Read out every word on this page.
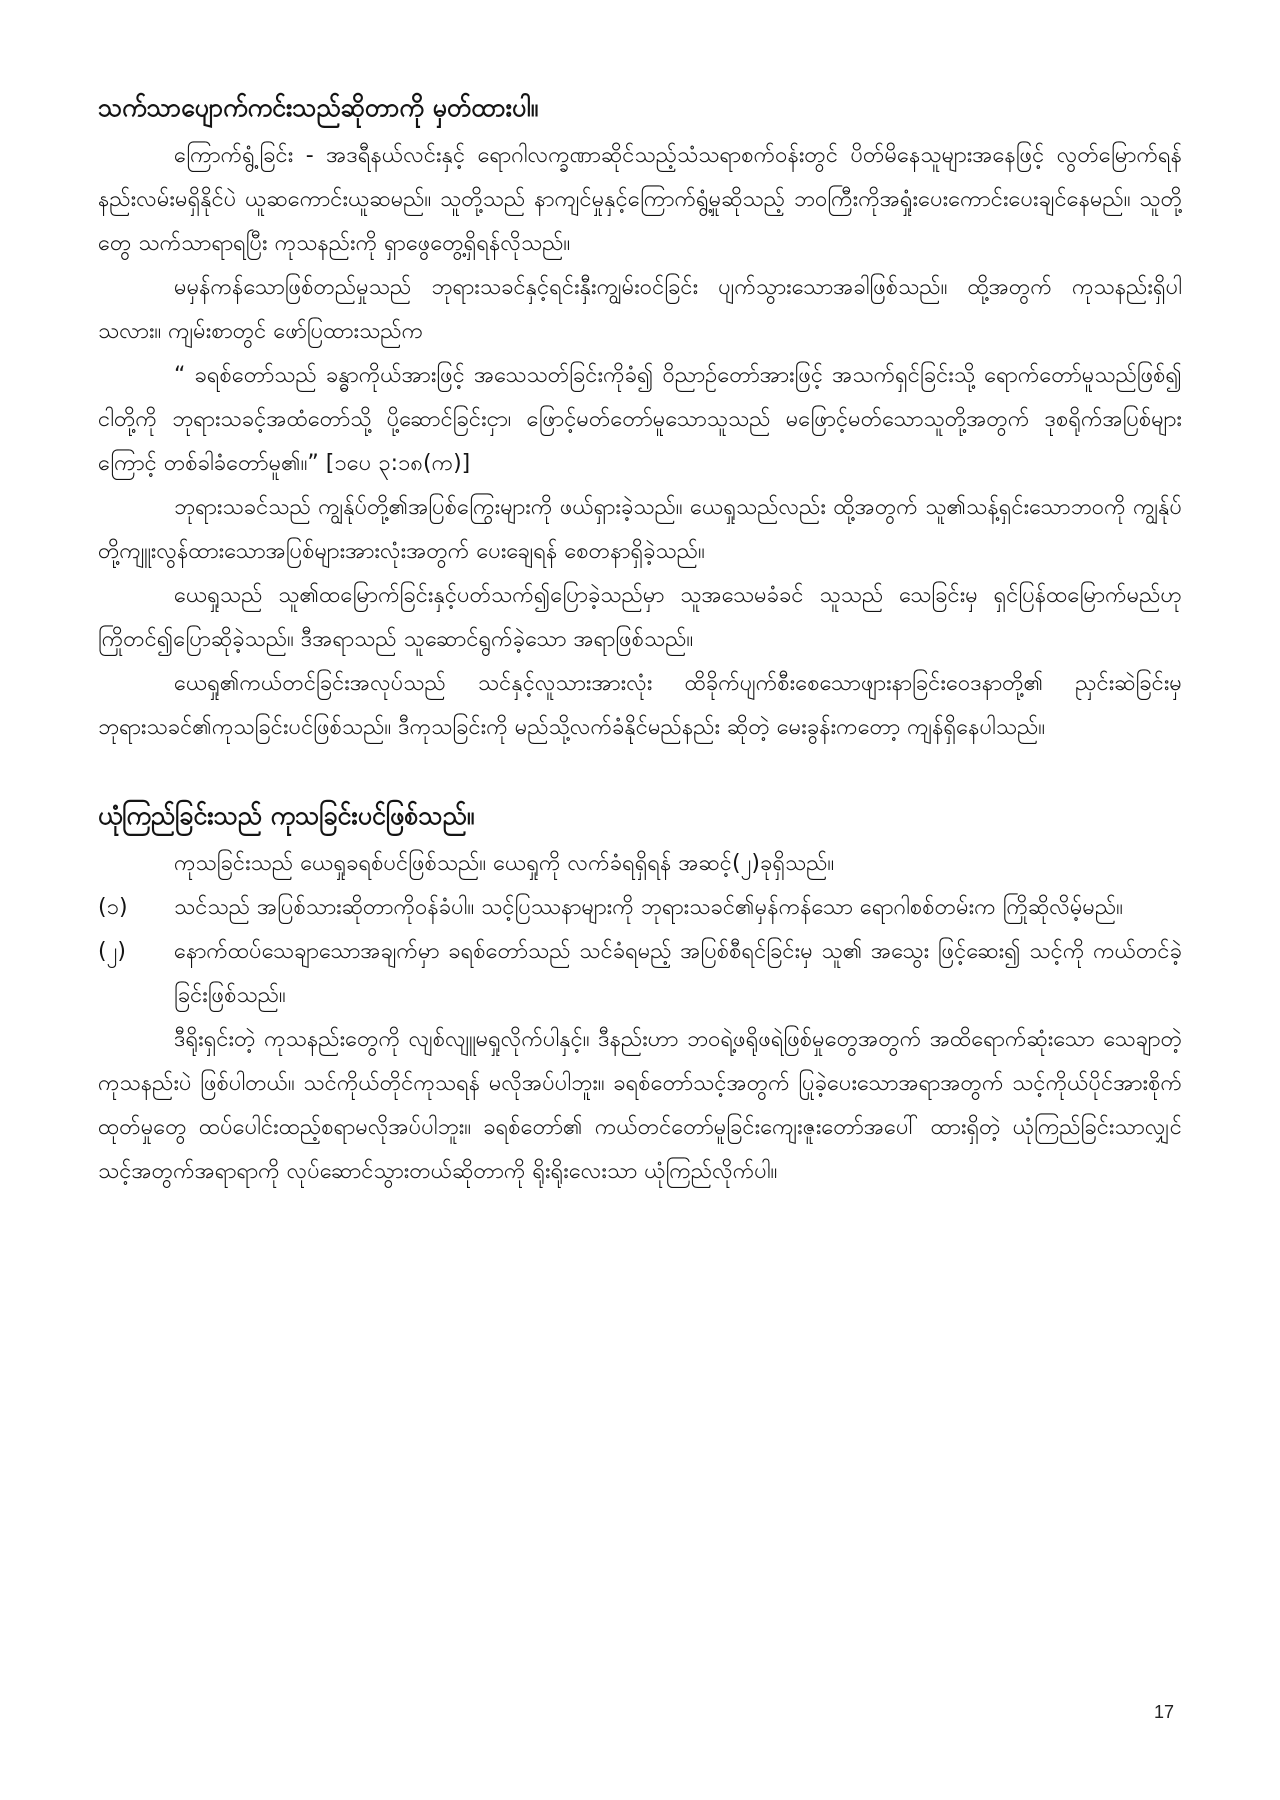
သက်သာပျောက်ကင်းသည်ဆိုတာကို မှတ်ထားပါ။

ကြောက်ရွံ့ခြင်း - အဒရီနယ်လင်းနှင့် ရောဂါလက္ခဏာဆိုင်သည့်သံသရာစက်ဝန်းတွင် ပိတ်မိနေသူများအနေဖြင့် လွတ်မြောက်ရန် နည်းလမ်းမရှိနိုင်ပဲ ယူဆကောင်းယူဆမည်။ သူတို့သည် နာကျင်မှုနှင့်ကြောက်ရွံ့မှုဆိုသည့် ဘဝကြီးကိုအရှုံးပေးကောင်းပေးချင်နေမည်။ သူတို့တွေ သက်သာရာရပြီး ကုသနည်းကို ရှာဖွေတွေ့ရှိရန်လိုသည်။

မမှန်ကန်သောဖြစ်တည်မှုသည် ဘုရားသခင်နှင့်ရင်းနှီးကျွမ်းဝင်ခြင်း ပျက်သွားသောအခါဖြစ်သည်။ ထို့အတွက် ကုသနည်းရှိပါသလား။ ကျမ်းစာတွင် ဖော်ပြထားသည်က

“ ခရစ်တော်သည် ခန္ဓာကိုယ်အားဖြင့် အသေသတ်ခြင်းကိုခံ၍ ဝိညာဉ်တော်အားဖြင့် အသက်ရှင်ခြင်းသို့ ရောက်တော်မူသည်ဖြစ်၍ ငါတို့ကို ဘုရားသခင့်အထံတော်သို့ ပို့ဆောင်ခြင်းငှာ၊ ဖြောင့်မတ်တော်မူသောသူသည် မဖြောင့်မတ်သောသူတို့အတွက် ဒုစရိုက်အပြစ်များကြောင့် တစ်ခါခံတော်မူ၏။” [၁ပေ ၃:၁၈(က)]

ဘုရားသခင်သည် ကျွန်ုပ်တို့၏အပြစ်ကြွေးများကို ဖယ်ရှားခဲ့သည်။ ယေရှုသည်လည်း ထို့အတွက် သူ၏သန့်ရှင်းသောဘဝကို ကျွန်ုပ်တို့ကျူးလွန်ထားသောအပြစ်များအားလုံးအတွက် ပေးချေရန် စေတနာရှိခဲ့သည်။

ယေရှုသည် သူ၏ထမြောက်ခြင်းနှင့်ပတ်သက်၍ပြောခဲ့သည်မှာ သူအသေမခံခင် သူသည် သေခြင်းမှ ရှင်ပြန်ထမြောက်မည်ဟု ကြိုတင်၍ပြောဆိုခဲ့သည်။ ဒီအရာသည် သူဆောင်ရွက်ခဲ့သော အရာဖြစ်သည်။

ယေရှု၏ကယ်တင်ခြင်းအလုပ်သည် သင်နှင့်လူသားအားလုံး ထိခိုက်ပျက်စီးစေသောဖျားနာခြင်းဝေဒနာတို့၏ ညှင်းဆဲခြင်းမှ ဘုရားသခင်၏ကုသခြင်းပင်ဖြစ်သည်။ ဒီကုသခြင်းကို မည်သို့လက်ခံနိုင်မည်နည်း ဆိုတဲ့ မေးခွန်းကတော့ ကျန်ရှိနေပါသည်။

ယုံကြည်ခြင်းသည် ကုသခြင်းပင်ဖြစ်သည်။

ကုသခြင်းသည် ယေရှုခရစ်ပင်ဖြစ်သည်။ ယေရှုကို လက်ခံရရှိရန် အဆင့်(၂)ခုရှိသည်။

(၁)	သင်သည် အပြစ်သားဆိုတာကိုဝန်ခံပါ။ သင့်ပြဿနာများကို ဘုရားသခင်၏မှန်ကန်သော ရောဂါစစ်တမ်းက ကြိုဆိုလိမ့်မည်။
(၂)	နောက်ထပ်သေချာသောအချက်မှာ ခရစ်တော်သည် သင်ခံရမည့် အပြစ်စီရင်ခြင်းမှ သူ၏ အသွေး ဖြင့်ဆေး၍ သင့်ကို ကယ်တင်ခဲ့ခြင်းဖြစ်သည်။

ဒီရိုးရှင်းတဲ့ ကုသနည်းတွေကို လျစ်လျူမရှုလိုက်ပါနှင့်။ ဒီနည်းဟာ ဘဝရဲ့ဖရိုဖရဲဖြစ်မှုတွေအတွက် အထိရောက်ဆုံးသော သေချာတဲ့ ကုသနည်းပဲ ဖြစ်ပါတယ်။ သင်ကိုယ်တိုင်ကုသရန် မလိုအပ်ပါဘူး။ ခရစ်တော်သင့်အတွက် ပြုခဲ့ပေးသောအရာအတွက် သင့်ကိုယ်ပိုင်အားစိုက်ထုတ်မှုတွေ ထပ်ပေါင်းထည့်စရာမလိုအပ်ပါဘူး။ ခရစ်တော်၏ ကယ်တင်တော်မူခြင်းကျေးဇူးတော်အပေါ် ထားရှိတဲ့ ယုံကြည်ခြင်းသာလျှင် သင့်အတွက်အရာရာကို လုပ်ဆောင်သွားတယ်ဆိုတာကို ရိုးရိုးလေးသာ ယုံကြည်လိုက်ပါ။

17
